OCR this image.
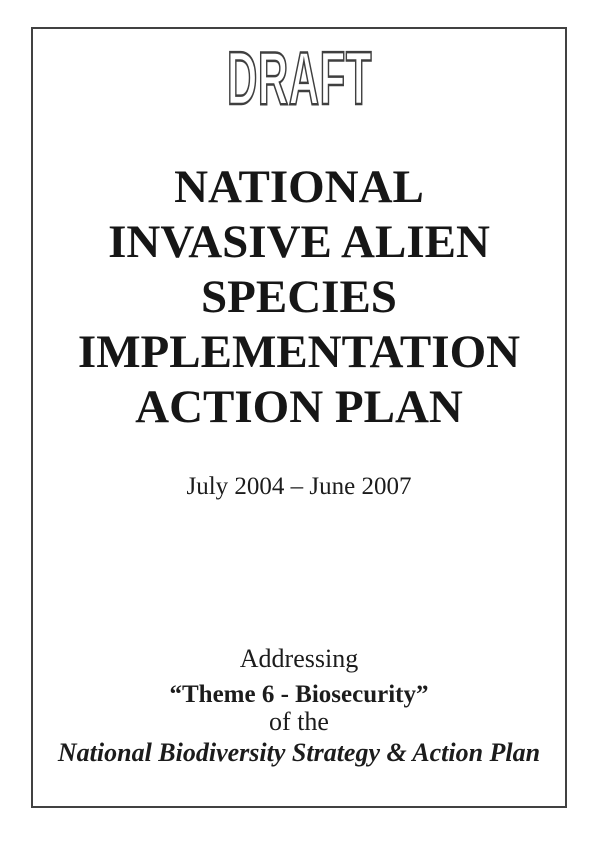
DRAFT
NATIONAL
INVASIVE ALIEN
SPECIES
IMPLEMENTATION
ACTION PLAN
July 2004 – June 2007
Addressing
“Theme 6 - Biosecurity”
of the
National Biodiversity Strategy & Action Plan
